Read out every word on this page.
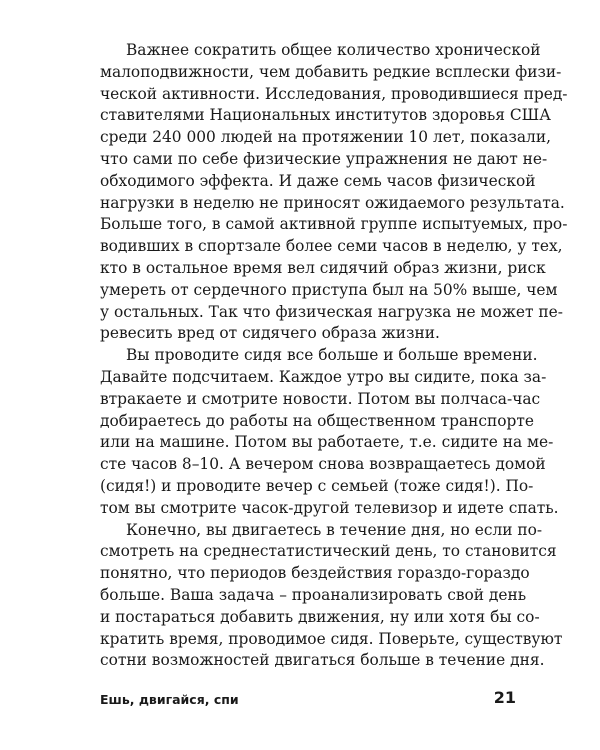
Важнее сократить общее количество хронической
малоподвижности, чем добавить редкие всплески физи-
ческой активности. Исследования, проводившиеся пред-
ставителями Национальных институтов здоровья США
среди 240 000 людей на протяжении 10 лет, показали,
что сами по себе физические упражнения не дают не-
обходимого эффекта. И даже семь часов физической
нагрузки в неделю не приносят ожидаемого результата.
Больше того, в самой активной группе испытуемых, про-
водивших в спортзале более семи часов в неделю, у тех,
кто в остальное время вел сидячий образ жизни, риск
умереть от сердечного приступа был на 50% выше, чем
у остальных. Так что физическая нагрузка не может пе-
ревесить вред от сидячего образа жизни.
Вы проводите сидя все больше и больше времени.
Давайте подсчитаем. Каждое утро вы сидите, пока за-
втракаете и смотрите новости. Потом вы полчаса-час
добираетесь до работы на общественном транспорте
или на машине. Потом вы работаете, т.е. сидите на ме-
сте часов 8–10. А вечером снова возвращаетесь домой
(сидя!) и проводите вечер с семьей (тоже сидя!). По-
том вы смотрите часок-другой телевизор и идете спать.
Конечно, вы двигаетесь в течение дня, но если по-
смотреть на среднестатистический день, то становится
понятно, что периодов бездействия гораздо-гораздо
больше. Ваша задача – проанализировать свой день
и постараться добавить движения, ну или хотя бы со-
кратить время, проводимое сидя. Поверьте, существуют
сотни возможностей двигаться больше в течение дня.
Ешь, двигайся, спи	21
